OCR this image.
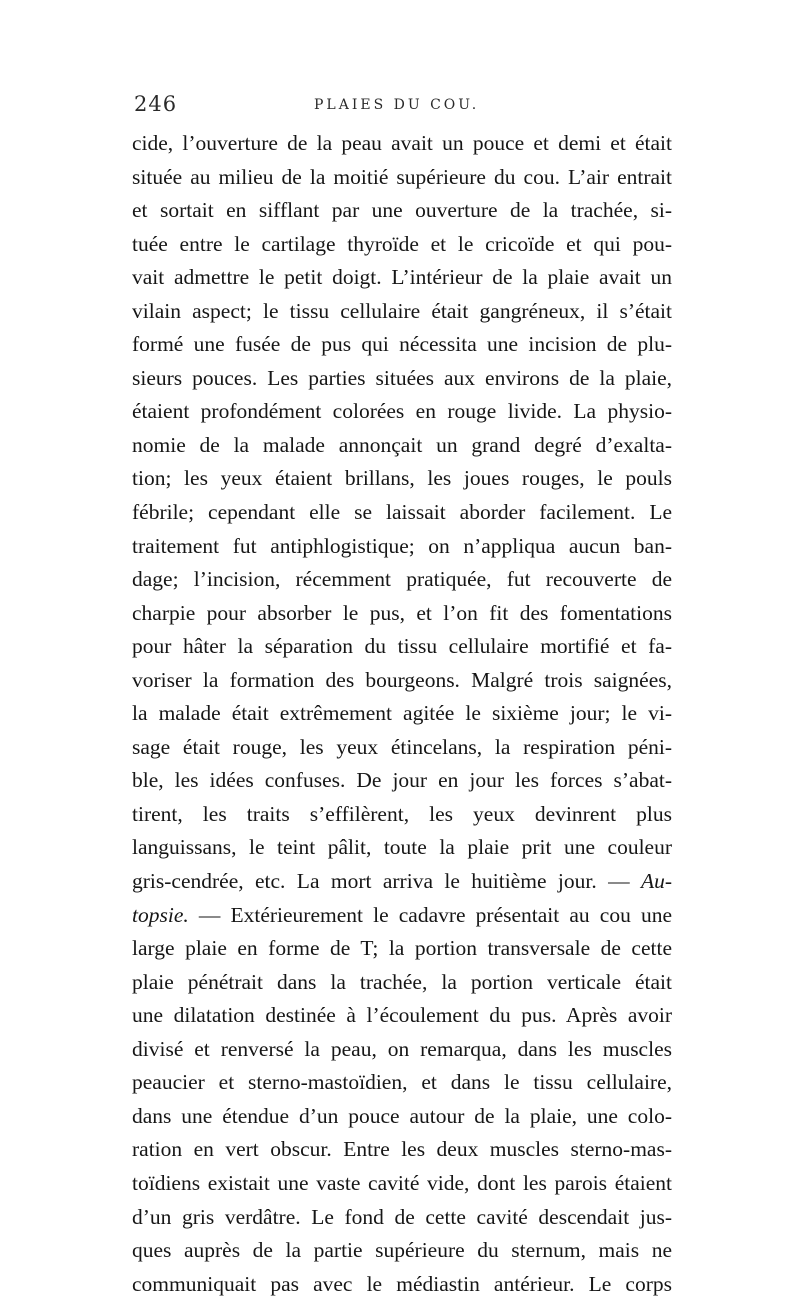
246	PLAIES DU COU.
cide, l’ouverture de la peau avait un pouce et demi et était
située au milieu de la moitié supérieure du cou. L’air entrait
et sortait en sifflant par une ouverture de la trachée, si-
tuée entre le cartilage thyroïde et le cricoïde et qui pou-
vait admettre le petit doigt. L’intérieur de la plaie avait un
vilain aspect; le tissu cellulaire était gangréneux, il s’était
formé une fusée de pus qui nécessita une incision de plu-
sieurs pouces. Les parties situées aux environs de la plaie,
étaient profondément colorées en rouge livide. La physio-
nomie de la malade annonçait un grand degré d’exalta-
tion; les yeux étaient brillans, les joues rouges, le pouls
fébrile; cependant elle se laissait aborder facilement. Le
traitement fut antiphlogistique; on n’appliqua aucun ban-
dage; l’incision, récemment pratiquée, fut recouverte de
charpie pour absorber le pus, et l’on fit des fomentations
pour hâter la séparation du tissu cellulaire mortifié et fa-
voriser la formation des bourgeons. Malgré trois saignées,
la malade était extrêmement agitée le sixième jour; le vi-
sage était rouge, les yeux étincelans, la respiration péni-
ble, les idées confuses. De jour en jour les forces s’abat-
tirent, les traits s’effilèrent, les yeux devinrent plus
languissans, le teint pâlit, toute la plaie prit une couleur
gris-cendrée, etc. La mort arriva le huitième jour. — Au-
topsie. — Extérieurement le cadavre présentait au cou une
large plaie en forme de T; la portion transversale de cette
plaie pénétrait dans la trachée, la portion verticale était
une dilatation destinée à l’écoulement du pus. Après avoir
divisé et renversé la peau, on remarqua, dans les muscles
peaucier et sterno-mastoïdien, et dans le tissu cellulaire,
dans une étendue d’un pouce autour de la plaie, une colo-
ration en vert obscur. Entre les deux muscles sterno-mas-
toïdiens existait une vaste cavité vide, dont les parois étaient
d’un gris verdâtre. Le fond de cette cavité descendait jus-
ques auprès de la partie supérieure du sternum, mais ne
communiquait pas avec le médiastin antérieur. Le corps
